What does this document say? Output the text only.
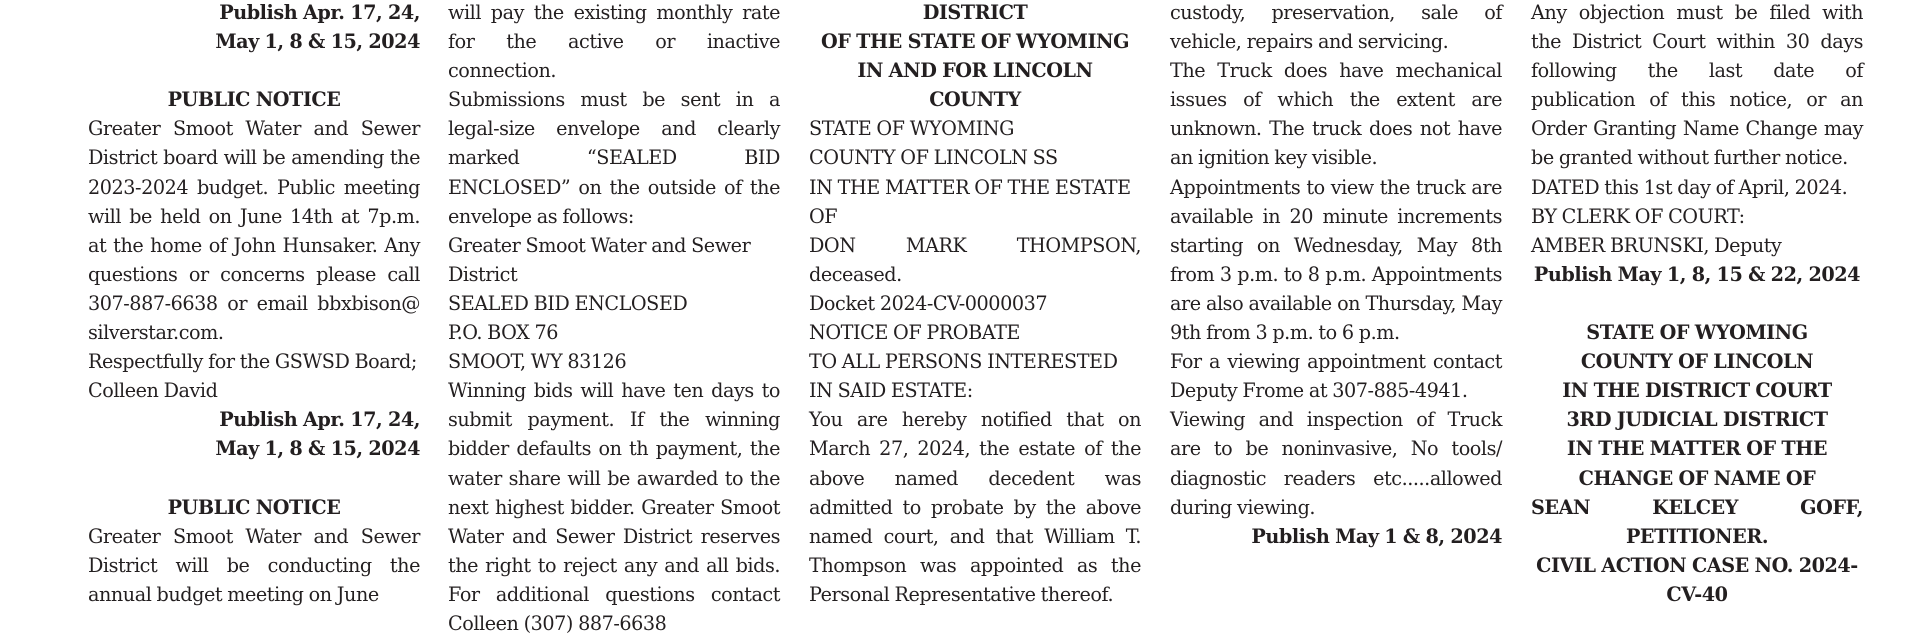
Publish Apr. 17, 24,

May 1, 8 & 15, 2024

PUBLIC NOTICE

Greater Smoot Water and Sewer District board will be amending the 2023-2024 budget. Public meeting will be held on June 14th at 7p.m. at the home of John Hunsaker. Any questions or concerns please call 307-887-6638 or email bbxbison@ silverstar.com.

Respectfully for the GSWSD Board; Colleen David

Publish Apr. 17, 24,

May 1, 8 & 15, 2024

PUBLIC NOTICE

Greater Smoot Water and Sewer District will be conducting the annual budget meeting on June

will pay the existing monthly rate for the active or inactive connection.

Submissions must be sent in a legal-size envelope and clearly marked “SEALED BID ENCLOSED” on the outside of the envelope as follows:

Greater Smoot Water and Sewer District

SEALED BID ENCLOSED

P.O. BOX 76

SMOOT, WY 83126

Winning bids will have ten days to submit payment. If the winning bidder defaults on th payment, the water share will be awarded to the next highest bidder. Greater Smoot Water and Sewer District reserves the right to reject any and all bids. For additional questions contact Colleen (307) 887-6638

DISTRICT

OF THE STATE OF WYOMING

IN AND FOR LINCOLN

COUNTY

STATE OF WYOMING

COUNTY OF LINCOLN SS

IN THE MATTER OF THE ESTATE OF

DON MARK THOMPSON, deceased.

Docket 2024-CV-0000037

NOTICE OF PROBATE

TO ALL PERSONS INTERESTED IN SAID ESTATE:

You are hereby notified that on March 27, 2024, the estate of the above named decedent was admitted to probate by the above named court, and that William T. Thompson was appointed as the Personal Representative thereof.

custody, preservation, sale of vehicle, repairs and servicing.

The Truck does have mechanical issues of which the extent are unknown. The truck does not have an ignition key visible.

Appointments to view the truck are available in 20 minute increments starting on Wednesday, May 8th from 3 p.m. to 8 p.m. Appointments are also available on Thursday, May 9th from 3 p.m. to 6 p.m.

For a viewing appointment contact Deputy Frome at 307-885-4941.

Viewing and inspection of Truck are to be noninvasive, No tools/ diagnostic readers etc.....allowed during viewing.

Publish May 1 & 8, 2024

Any objection must be filed with the District Court within 30 days following the last date of publication of this notice, or an Order Granting Name Change may be granted without further notice.

DATED this 1st day of April, 2024.

BY CLERK OF COURT:

AMBER BRUNSKI, Deputy

Publish May 1, 8, 15 & 22, 2024

STATE OF WYOMING

COUNTY OF LINCOLN

IN THE DISTRICT COURT

3RD JUDICIAL DISTRICT

IN THE MATTER OF THE

CHANGE OF NAME OF

SEAN KELCEY GOFF,

PETITIONER.

CIVIL ACTION CASE NO. 2024-CV-40
